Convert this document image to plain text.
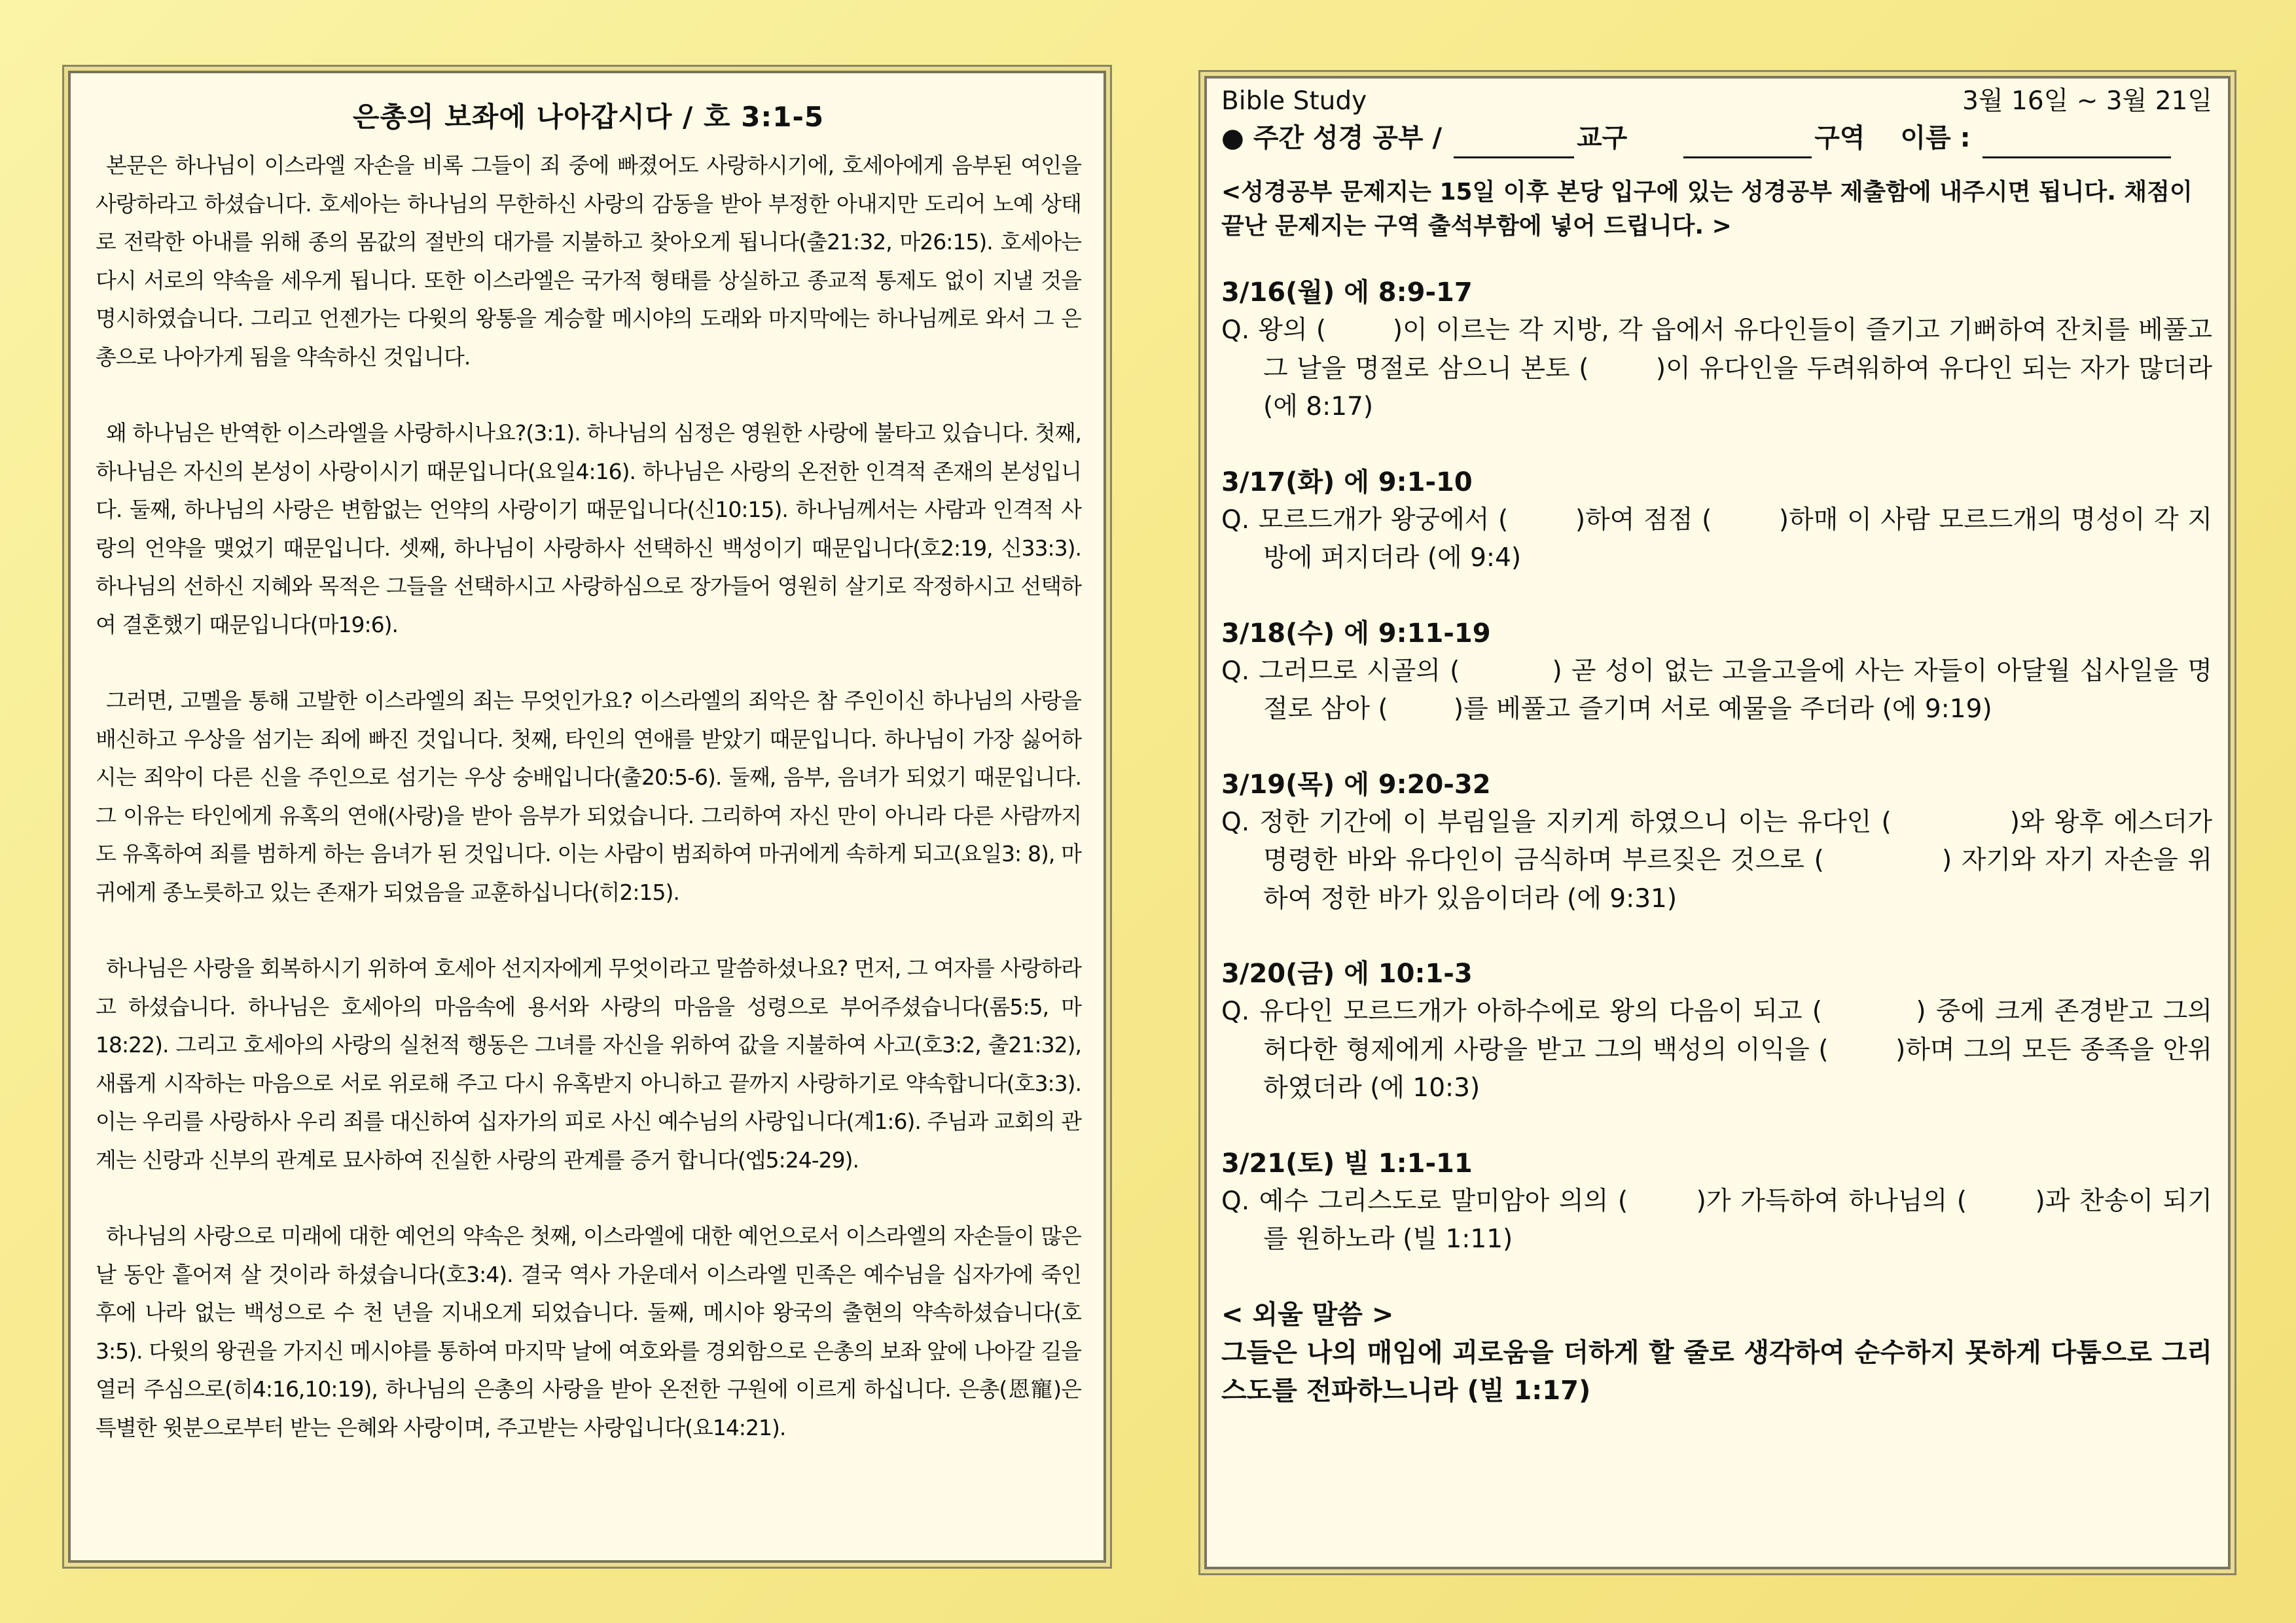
은총의 보좌에 나아갑시다 / 호 3:1-5

본문은 하나님이 이스라엘 자손을 비록 그들이 죄 중에 빠졌어도 사랑하시기에, 호세아에게 음부된 여인을 사랑하라고 하셨습니다. 호세아는 하나님의 무한하신 사랑의 감동을 받아 부정한 아내지만 도리어 노예 상태로 전락한 아내를 위해 종의 몸값의 절반의 대가를 지불하고 찾아오게 됩니다(출21:32, 마26:15). 호세아는 다시 서로의 약속을 세우게 됩니다. 또한 이스라엘은 국가적 형태를 상실하고 종교적 통제도 없이 지낼 것을 명시하였습니다. 그리고 언젠가는 다윗의 왕통을 계승할 메시야의 도래와 마지막에는 하나님께로 와서 그 은총으로 나아가게 됨을 약속하신 것입니다.

왜 하나님은 반역한 이스라엘을 사랑하시나요?(3:1). 하나님의 심정은 영원한 사랑에 불타고 있습니다. 첫째, 하나님은 자신의 본성이 사랑이시기 때문입니다(요일4:16). 하나님은 사랑의 온전한 인격적 존재의 본성입니다. 둘째, 하나님의 사랑은 변함없는 언약의 사랑이기 때문입니다(신10:15). 하나님께서는 사람과 인격적 사랑의 언약을 맺었기 때문입니다. 셋째, 하나님이 사랑하사 선택하신 백성이기 때문입니다(호2:19, 신33:3). 하나님의 선하신 지혜와 목적은 그들을 선택하시고 사랑하심으로 장가들어 영원히 살기로 작정하시고 선택하여 결혼했기 때문입니다(마19:6).

그러면, 고멜을 통해 고발한 이스라엘의 죄는 무엇인가요? 이스라엘의 죄악은 참 주인이신 하나님의 사랑을 배신하고 우상을 섬기는 죄에 빠진 것입니다. 첫째, 타인의 연애를 받았기 때문입니다. 하나님이 가장 싫어하시는 죄악이 다른 신을 주인으로 섬기는 우상 숭배입니다(출20:5-6). 둘째, 음부, 음녀가 되었기 때문입니다. 그 이유는 타인에게 유혹의 연애(사랑)을 받아 음부가 되었습니다. 그리하여 자신 만이 아니라 다른 사람까지도 유혹하여 죄를 범하게 하는 음녀가 된 것입니다. 이는 사람이 범죄하여 마귀에게 속하게 되고(요일3: 8), 마귀에게 종노릇하고 있는 존재가 되었음을 교훈하십니다(히2:15).

하나님은 사랑을 회복하시기 위하여 호세아 선지자에게 무엇이라고 말씀하셨나요? 먼저, 그 여자를 사랑하라고 하셨습니다. 하나님은 호세아의 마음속에 용서와 사랑의 마음을 성령으로 부어주셨습니다(롬5:5, 마18:22). 그리고 호세아의 사랑의 실천적 행동은 그녀를 자신을 위하여 값을 지불하여 사고(호3:2, 출21:32), 새롭게 시작하는 마음으로 서로 위로해 주고 다시 유혹받지 아니하고 끝까지 사랑하기로 약속합니다(호3:3). 이는 우리를 사랑하사 우리 죄를 대신하여 십자가의 피로 사신 예수님의 사랑입니다(계1:6). 주님과 교회의 관계는 신랑과 신부의 관계로 묘사하여 진실한 사랑의 관계를 증거 합니다(엡5:24-29).

하나님의 사랑으로 미래에 대한 예언의 약속은 첫째, 이스라엘에 대한 예언으로서 이스라엘의 자손들이 많은 날 동안 흩어져 살 것이라 하셨습니다(호3:4). 결국 역사 가운데서 이스라엘 민족은 예수님을 십자가에 죽인 후에 나라 없는 백성으로 수 천 년을 지내오게 되었습니다. 둘째, 메시야 왕국의 출현의 약속하셨습니다(호3:5). 다윗의 왕권을 가지신 메시야를 통하여 마지막 날에 여호와를 경외함으로 은총의 보좌 앞에 나아갈 길을 열러 주심으로(히4:16,10:19), 하나님의 은총의 사랑을 받아 온전한 구원에 이르게 하십니다. 은총(恩寵)은 특별한 윗분으로부터 받는 은혜와 사랑이며, 주고받는 사랑입니다(요14:21).

Bible Study	3월 16일 ~ 3월 21일
● 주간 성경 공부 /	교구	구역 이름 :
<성경공부 문제지는 15일 이후 본당 입구에 있는 성경공부 제출함에 내주시면 됩니다. 채점이 끝난 문제지는 구역 출석부함에 넣어 드립니다. >
3/16(월) 에 8:9-17
Q. 왕의 ( 조서 )이 이르는 각 지방, 각 읍에서 유다인들이 즐기고 기뻐하여 잔치를 베풀고 그 날을 명절로 삼으니 본토 ( 백성 )이 유다인을 두려워하여 유다인 되는 자가 많더라 (에 8:17)
3/17(화) 에 9:1-10
Q. 모르드개가 왕궁에서 ( 존귀 )하여 점점 ( 창대 )하매 이 사람 모르드개의 명성이 각 지방에 퍼지더라 (에 9:4)
3/18(수) 에 9:11-19
Q. 그러므로 시골의 ( 유다인 ) 곧 성이 없는 고을고을에 사는 자들이 아달월 십사일을 명절로 삼아 ( 잔치 )를 베풀고 즐기며 서로 예물을 주더라 (에 9:19)
3/19(목) 에 9:20-32
Q. 정한 기간에 이 부림일을 지키게 하였으니 이는 유다인 ( 모르드개 )와 왕후 에스더가 명령한 바와 유다인이 금식하며 부르짖은 것으로 ( 말미암아 ) 자기와 자기 자손을 위하여 정한 바가 있음이더라 (에 9:31)
3/20(금) 에 10:1-3
Q. 유다인 모르드개가 아하수에로 왕의 다음이 되고 ( 유다인 ) 중에 크게 존경받고 그의 허다한 형제에게 사랑을 받고 그의 백성의 이익을 ( 도모 )하며 그의 모든 종족을 안위하였더라 (에 10:3)
3/21(토) 빌 1:1-11
Q. 예수 그리스도로 말미암아 의의 ( 열매 )가 가득하여 하나님의 ( 영광 )과 찬송이 되기를 원하노라 (빌 1:11)
< 외울 말씀 >
그들은 나의 매임에 괴로움을 더하게 할 줄로 생각하여 순수하지 못하게 다툼으로 그리스도를 전파하느니라 (빌 1:17)
